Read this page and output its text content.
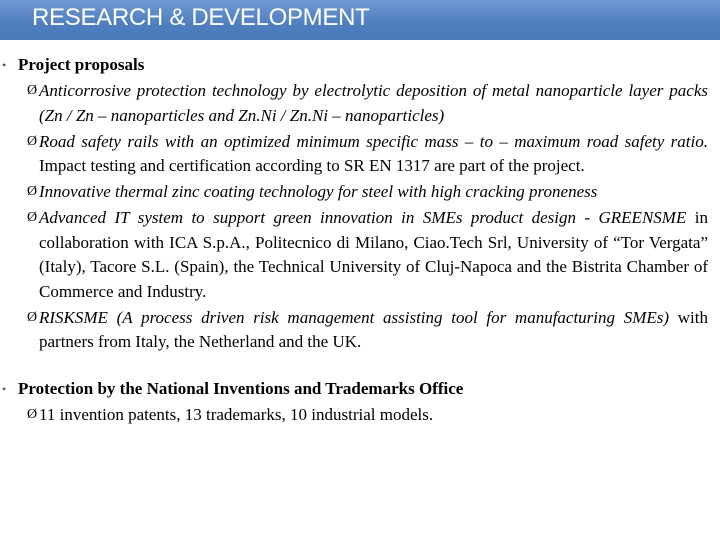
RESEARCH & DEVELOPMENT
• Project proposals
Ø Anticorrosive protection technology by electrolytic deposition of metal nanoparticle layer packs (Zn / Zn – nanoparticles and Zn.Ni / Zn.Ni – nanoparticles)
Ø Road safety rails with an optimized minimum specific mass – to – maximum road safety ratio. Impact testing and certification according to SR EN 1317 are part of the project.
Ø Innovative thermal zinc coating technology for steel with high cracking proneness
Ø Advanced IT system to support green innovation in SMEs product design - GREENSME in collaboration with ICA S.p.A., Politecnico di Milano, Ciao.Tech Srl, University of “Tor Vergata” (Italy), Tacore S.L. (Spain), the Technical University of Cluj-Napoca and the Bistrita Chamber of Commerce and Industry.
Ø RISKSME (A process driven risk management assisting tool for manufacturing SMEs) with partners from Italy, the Netherland and the UK.
• Protection by the National Inventions and Trademarks Office
Ø 11 invention patents, 13 trademarks, 10 industrial models.
